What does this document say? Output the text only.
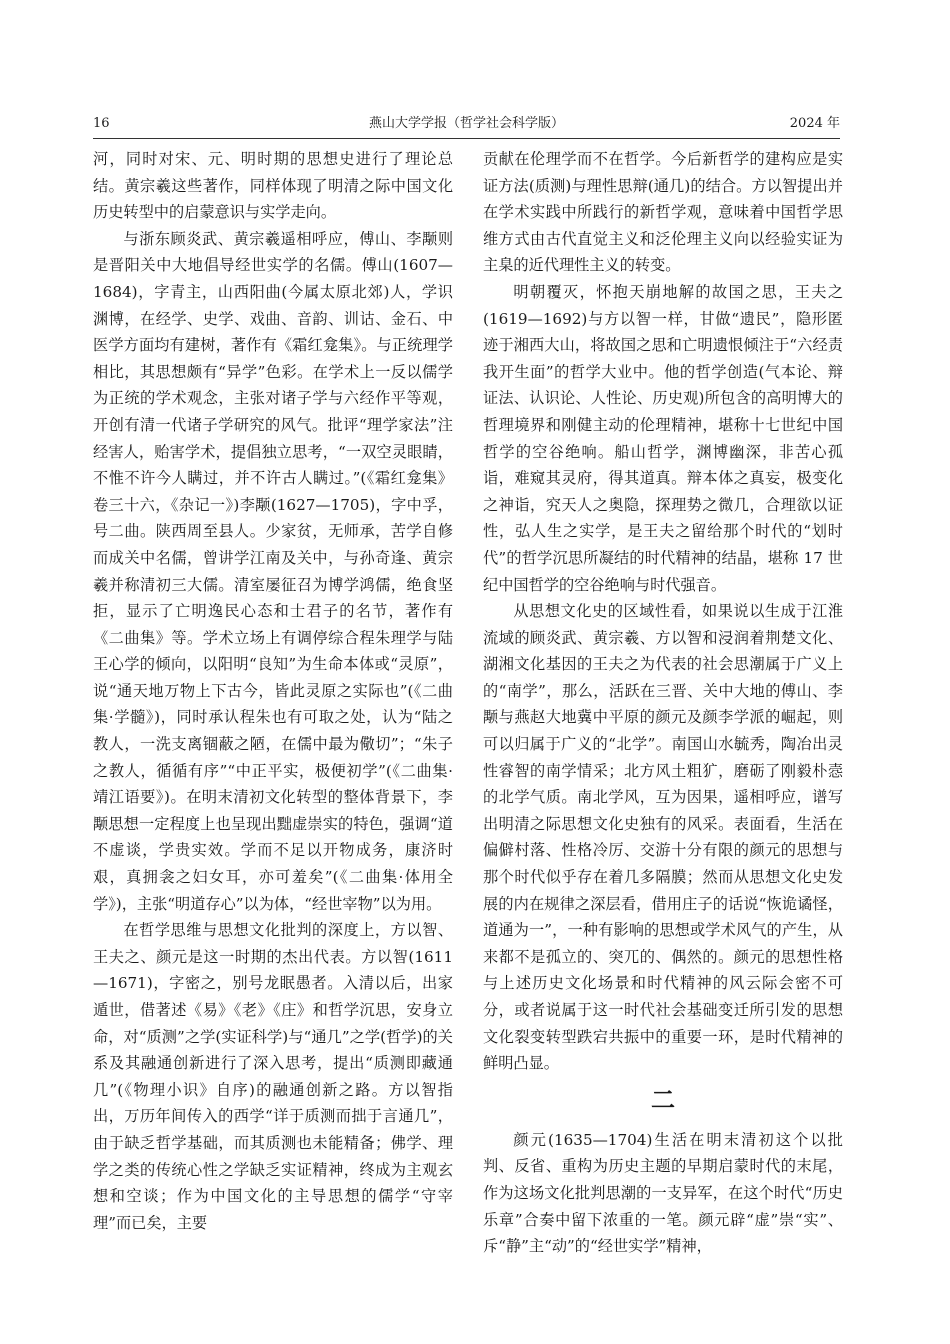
16	燕山大学学报（哲学社会科学版）	2024 年

河，同时对宋、元、明时期的思想史进行了理论总结。黄宗羲这些著作，同样体现了明清之际中国文化历史转型中的启蒙意识与实学走向。

与浙东顾炎武、黄宗羲遥相呼应，傅山、李颙则是晋阳关中大地倡导经世实学的名儒。傅山(1607—1684)，字青主，山西阳曲(今属太原北郊)人，学识渊博，在经学、史学、戏曲、音韵、训诂、金石、中医学方面均有建树，著作有《霜红龛集》。与正统理学相比，其思想颇有“异学”色彩。在学术上一反以儒学为正统的学术观念，主张对诸子学与六经作平等观，开创有清一代诸子学研究的风气。批评“理学家法”注经害人，贻害学术，提倡独立思考，“一双空灵眼睛，不惟不许今人瞒过，并不许古人瞒过。”(《霜红龛集》卷三十六，《杂记一》)李颙(1627—1705)，字中孚，号二曲。陕西周至县人。少家贫，无师承，苦学自修而成关中名儒，曾讲学江南及关中，与孙奇逢、黄宗羲并称清初三大儒。清室屡征召为博学鸿儒，绝食坚拒，显示了亡明逸民心态和士君子的名节，著作有《二曲集》等。学术立场上有调停综合程朱理学与陆王心学的倾向，以阳明“良知”为生命本体或“灵原”，说“通天地万物上下古今，皆此灵原之实际也”(《二曲集·学髓》)，同时承认程朱也有可取之处，认为“陆之教人，一洗支离锢蔽之陋，在儒中最为儆切”；“朱子之教人，循循有序”“中正平实，极便初学”(《二曲集·靖江语要》)。在明末清初文化转型的整体背景下，李颙思想一定程度上也呈现出黜虚崇实的特色，强调“道不虚谈，学贵实效。学而不足以开物成务，康济时艰，真拥衾之妇女耳，亦可羞矣”(《二曲集·体用全学》)，主张“明道存心”以为体，“经世宰物”以为用。

在哲学思维与思想文化批判的深度上，方以智、王夫之、颜元是这一时期的杰出代表。方以智(1611—1671)，字密之，别号龙眠愚者。入清以后，出家遁世，借著述《易》《老》《庄》和哲学沉思，安身立命，对“质测”之学(实证科学)与“通几”之学(哲学)的关系及其融通创新进行了深入思考，提出“质测即藏通几”(《物理小识》自序)的融通创新之路。方以智指出，万历年间传入的西学“详于质测而拙于言通几”，由于缺乏哲学基础，而其质测也未能精备；佛学、理学之类的传统心性之学缺乏实证精神，终成为主观玄想和空谈；作为中国文化的主导思想的儒学“守宰理”而已矣，主要

贡献在伦理学而不在哲学。今后新哲学的建构应是实证方法(质测)与理性思辩(通几)的结合。方以智提出并在学术实践中所践行的新哲学观，意味着中国哲学思维方式由古代直觉主义和泛伦理主义向以经验实证为主臬的近代理性主义的转变。

明朝覆灭，怀抱天崩地解的故国之思，王夫之(1619—1692)与方以智一样，甘做“遗民”，隐形匿迹于湘西大山，将故国之思和亡明遗恨倾注于“六经责我开生面”的哲学大业中。他的哲学创造(气本论、辩证法、认识论、人性论、历史观)所包含的高明博大的哲理境界和刚健主动的伦理精神，堪称十七世纪中国哲学的空谷绝响。船山哲学，渊博幽深，非苦心孤诣，难窥其灵府，得其道真。辩本体之真妄，极变化之神诣，究天人之奥隐，探理势之微几，合理欲以证性，弘人生之实学，是王夫之留给那个时代的“划时代”的哲学沉思所凝结的时代精神的结晶，堪称 17 世纪中国哲学的空谷绝响与时代强音。

从思想文化史的区域性看，如果说以生成于江淮流域的顾炎武、黄宗羲、方以智和浸润着荆楚文化、湖湘文化基因的王夫之为代表的社会思潮属于广义上的“南学”，那么，活跃在三晋、关中大地的傅山、李颙与燕赵大地冀中平原的颜元及颜李学派的崛起，则可以归属于广义的“北学”。南国山水毓秀，陶冶出灵性睿智的南学情采；北方风土粗犷，磨砺了刚毅朴悫的北学气质。南北学风，互为因果，遥相呼应，谱写出明清之际思想文化史独有的风采。表面看，生活在偏僻村落、性格冷厉、交游十分有限的颜元的思想与那个时代似乎存在着几多隔膜；然而从思想文化史发展的内在规律之深层看，借用庄子的话说“恢诡谲怪，道通为一”，一种有影响的思想或学术风气的产生，从来都不是孤立的、突兀的、偶然的。颜元的思想性格与上述历史文化场景和时代精神的风云际会密不可分，或者说属于这一时代社会基础变迁所引发的思想文化裂变转型跌宕共振中的重要一环，是时代精神的鲜明凸显。

二

颜元(1635—1704)生活在明末清初这个以批判、反省、重构为历史主题的早期启蒙时代的末尾，作为这场文化批判思潮的一支异军，在这个时代“历史乐章”合奏中留下浓重的一笔。颜元辟“虚”崇“实”、斥“静”主“动”的“经世实学”精神，
